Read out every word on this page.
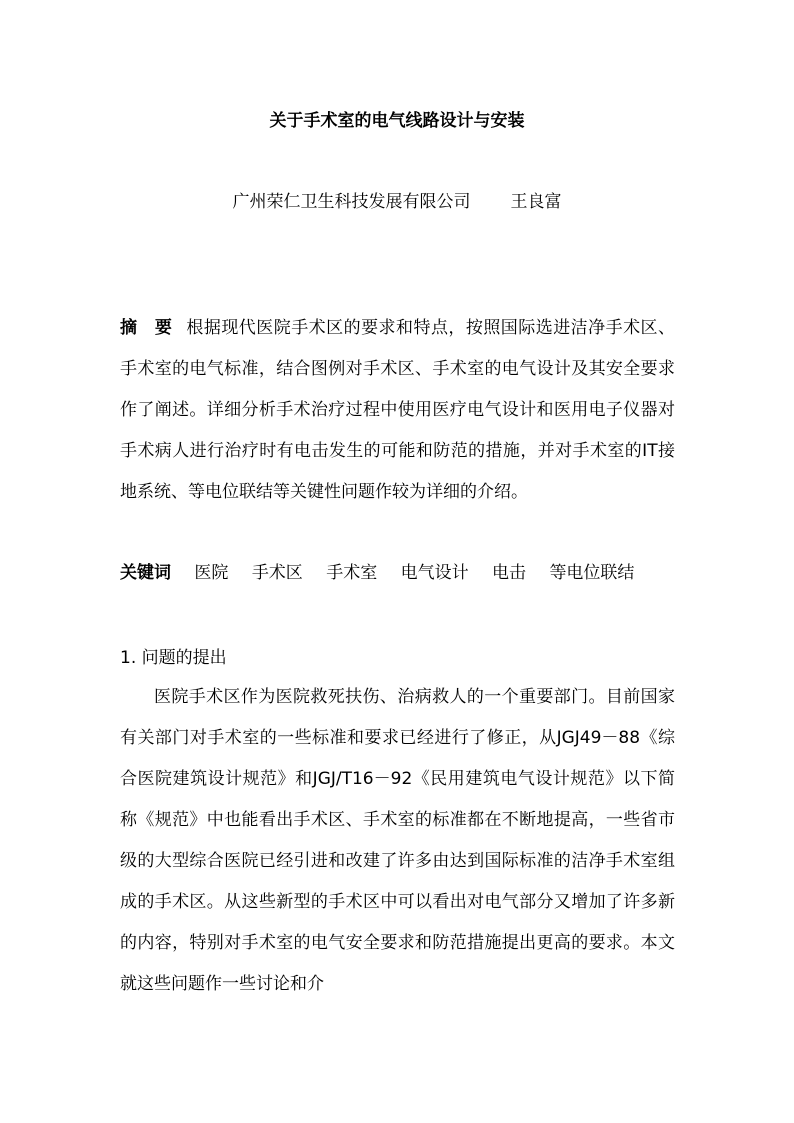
关于手术室的电气线路设计与安装
广州荣仁卫生科技发展有限公司 王良富

摘　要 根据现代医院手术区的要求和特点，按照国际选进洁净手术区、手术室的电气标准，结合图例对手术区、手术室的电气设计及其安全要求作了阐述。详细分析手术治疗过程中使用医疗电气设计和医用电子仪器对手术病人进行治疗时有电击发生的可能和防范的措施，并对手术室的IT接地系统、等电位联结等关键性问题作较为详细的介绍。

关键词 医院 手术区 手术室 电气设计 电击 等电位联结
1. 问题的提出

医院手术区作为医院救死扶伤、治病救人的一个重要部门。目前国家有关部门对手术室的一些标准和要求已经进行了修正，从JGJ49－88《综合医院建筑设计规范》和JGJ/T16－92《民用建筑电气设计规范》以下简称《规范》中也能看出手术区、手术室的标准都在不断地提高，一些省市级的大型综合医院已经引进和改建了许多由达到国际标准的洁净手术室组成的手术区。从这些新型的手术区中可以看出对电气部分又增加了许多新的内容，特别对手术室的电气安全要求和防范措施提出更高的要求。本文就这些问题作一些讨论和介
